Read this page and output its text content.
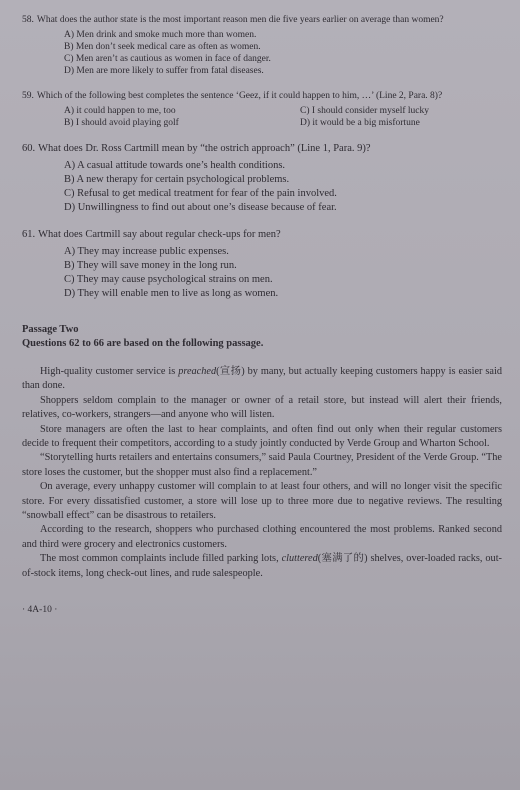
58. What does the author state is the most important reason men die five years earlier on average than women?

A) Men drink and smoke much more than women.

B) Men don’t seek medical care as often as women.

C) Men aren’t as cautious as women in face of danger.

D) Men are more likely to suffer from fatal diseases.

59. Which of the following best completes the sentence ‘Geez, if it could happen to him, …’ (Line 2, Para. 8)?

A) it could happen to me, too	C) I should consider myself lucky

B) I should avoid playing golf	D) it would be a big misfortune

60. What does Dr. Ross Cartmill mean by “the ostrich approach” (Line 1, Para. 9)?

A) A casual attitude towards one’s health conditions.

B) A new therapy for certain psychological problems.

C) Refusal to get medical treatment for fear of the pain involved.

D) Unwillingness to find out about one’s disease because of fear.

61. What does Cartmill say about regular check-ups for men?

A) They may increase public expenses.

B) They will save money in the long run.

C) They may cause psychological strains on men.

D) They will enable men to live as long as women.

Passage Two

Questions 62 to 66 are based on the following passage.

High-quality customer service is preached(宣扬) by many, but actually keeping customers happy is easier said than done.

Shoppers seldom complain to the manager or owner of a retail store, but instead will alert their friends, relatives, co-workers, strangers—and anyone who will listen.

Store managers are often the last to hear complaints, and often find out only when their regular customers decide to frequent their competitors, according to a study jointly conducted by Verde Group and Wharton School.

“Storytelling hurts retailers and entertains consumers,” said Paula Courtney, President of the Verde Group. “The store loses the customer, but the shopper must also find a replacement.”

On average, every unhappy customer will complain to at least four others, and will no longer visit the specific store. For every dissatisfied customer, a store will lose up to three more due to negative reviews. The resulting “snowball effect” can be disastrous to retailers.

According to the research, shoppers who purchased clothing encountered the most problems. Ranked second and third were grocery and electronics customers.

The most common complaints include filled parking lots, cluttered(塞满了的) shelves, over-loaded racks, out-of-stock items, long check-out lines, and rude salespeople.

· 4A-10 ·
